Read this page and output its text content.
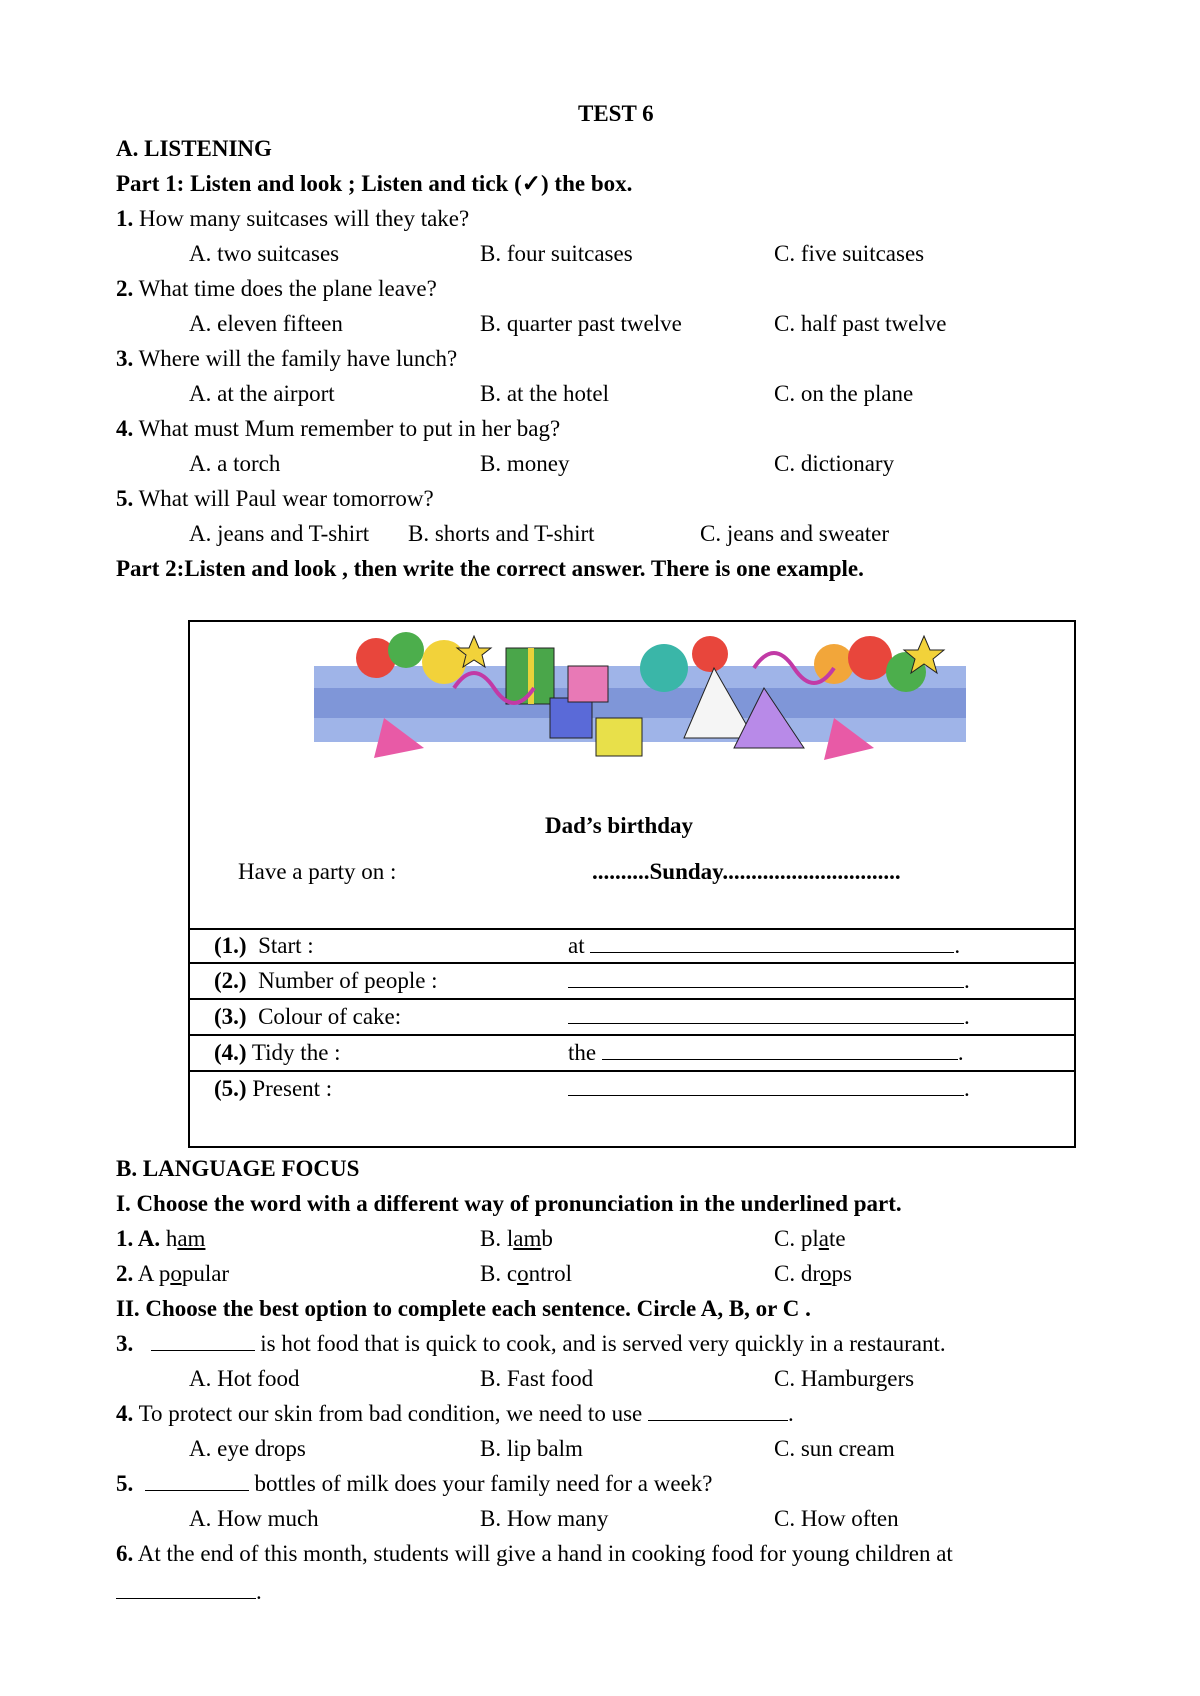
TEST 6
A. LISTENING
Part 1: Listen and look ; Listen and tick (✓) the box.
1. How many suitcases will they take?
A. two suitcases	B. four suitcases	C. five suitcases
2. What time does the plane leave?
A. eleven fifteen	B. quarter past twelve	C. half past twelve
3. Where will the family have lunch?
A. at the airport	B. at the hotel	C. on the plane
4. What must Mum remember to put in her bag?
A. a torch	B. money	C. dictionary
5. What will Paul wear tomorrow?
A. jeans and T-shirt B. shorts and T-shirt	C. jeans and sweater
Part 2:Listen and look , then write the correct answer. There is one example.
Dad’s birthday
Have a party on :	..........Sunday...............................
(1.) Start :	at	.
(2.) Number of people :	.
(3.) Colour of cake:	.
(4.) Tidy the :	the	.
(5.) Present :	.
B. LANGUAGE FOCUS
I. Choose the word with a different way of pronunciation in the underlined part.
1. A. ham	B. lamb	C. plate
2. A popular	B. control	C. drops
II. Choose the best option to complete each sentence. Circle A, B, or C .
3.	is hot food that is quick to cook, and is served very quickly in a restaurant.
A. Hot food	B. Fast food	C. Hamburgers
4. To protect our skin from bad condition, we need to use	.
A. eye drops	B. lip balm	C. sun cream
5.	bottles of milk does your family need for a week?
A. How much	B. How many	C. How often
6. At the end of this month, students will give a hand in cooking food for young children at
.
